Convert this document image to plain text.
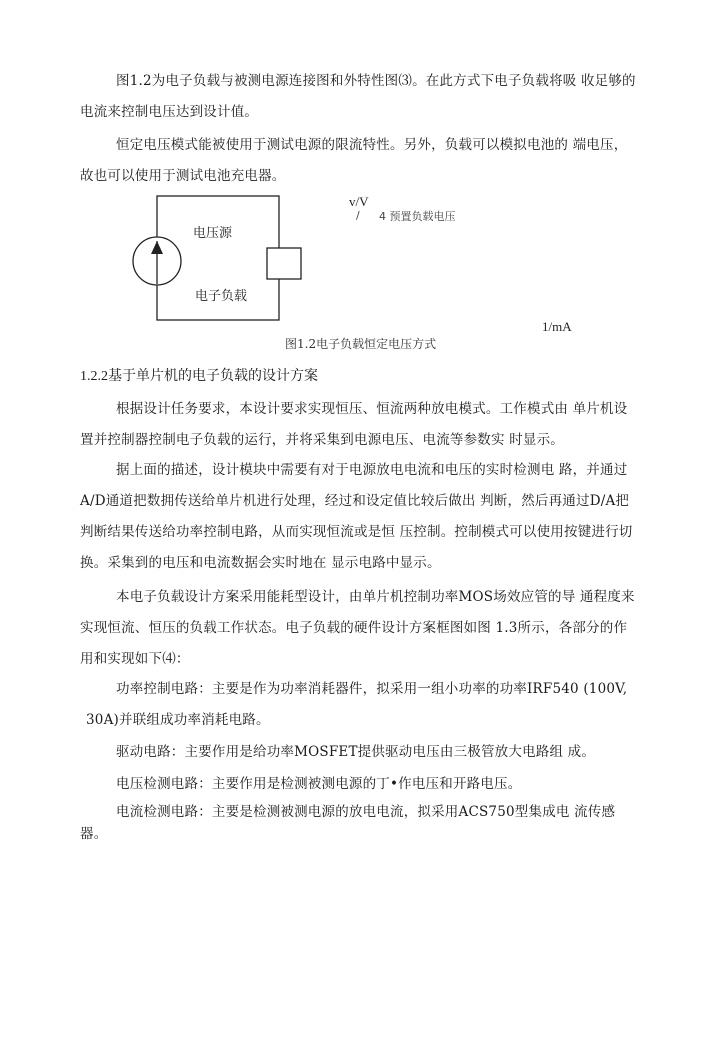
图1.2为电子负载与被测电源连接图和外特性图⑶。在此方式下电子负载将吸 收足够的电流来控制电压达到设计值。
恒定电压模式能被使用于测试电源的限流特性。另外，负载可以模拟电池的 端电压，故也可以使用于测试电池充电器。
电压源
电子负载
v/V
/ 4 预置负载电压
1/mA
图1.2电子负载恒定电压方式
1.2.2基于单片机的电子负载的设计方案
根据设计任务要求，本设计要求实现恒压、恒流两种放电模式。工作模式由 单片机设置并控制器控制电子负载的运行，并将采集到电源电压、电流等参数实 时显示。
据上面的描述，设计模块中需要有对于电源放电电流和电压的实时检测电 路，并通过A/D通道把数拥传送给单片机进行处理，经过和设定值比较后做出 判断，然后再通过D/A把判断结果传送给功率控制电路，从而实现恒流或是恒 压控制。控制模式可以使用按键进行切换。采集到的电压和电流数据会实时地在 显示电路中显示。
本电子负载设计方案采用能耗型设计，由单片机控制功率MOS场效应管的导 通程度来实现恒流、恒压的负载工作状态。电子负载的硬件设计方案框图如图 1.3所示，各部分的作用和实现如下⑷：
功率控制电路：主要是作为功率消耗器件，拟采用一组小功率的功率IRF540 (100V,
30A)并联组成功率消耗电路。
驱动电路：主要作用是给功率MOSFET提供驱动电压由三极管放大电路组 成。
电压检测电路：主要作用是检测被测电源的丁•作电压和开路电压。
电流检测电路：主要是检测被测电源的放电电流，拟采用ACS750型集成电 流传感器。
